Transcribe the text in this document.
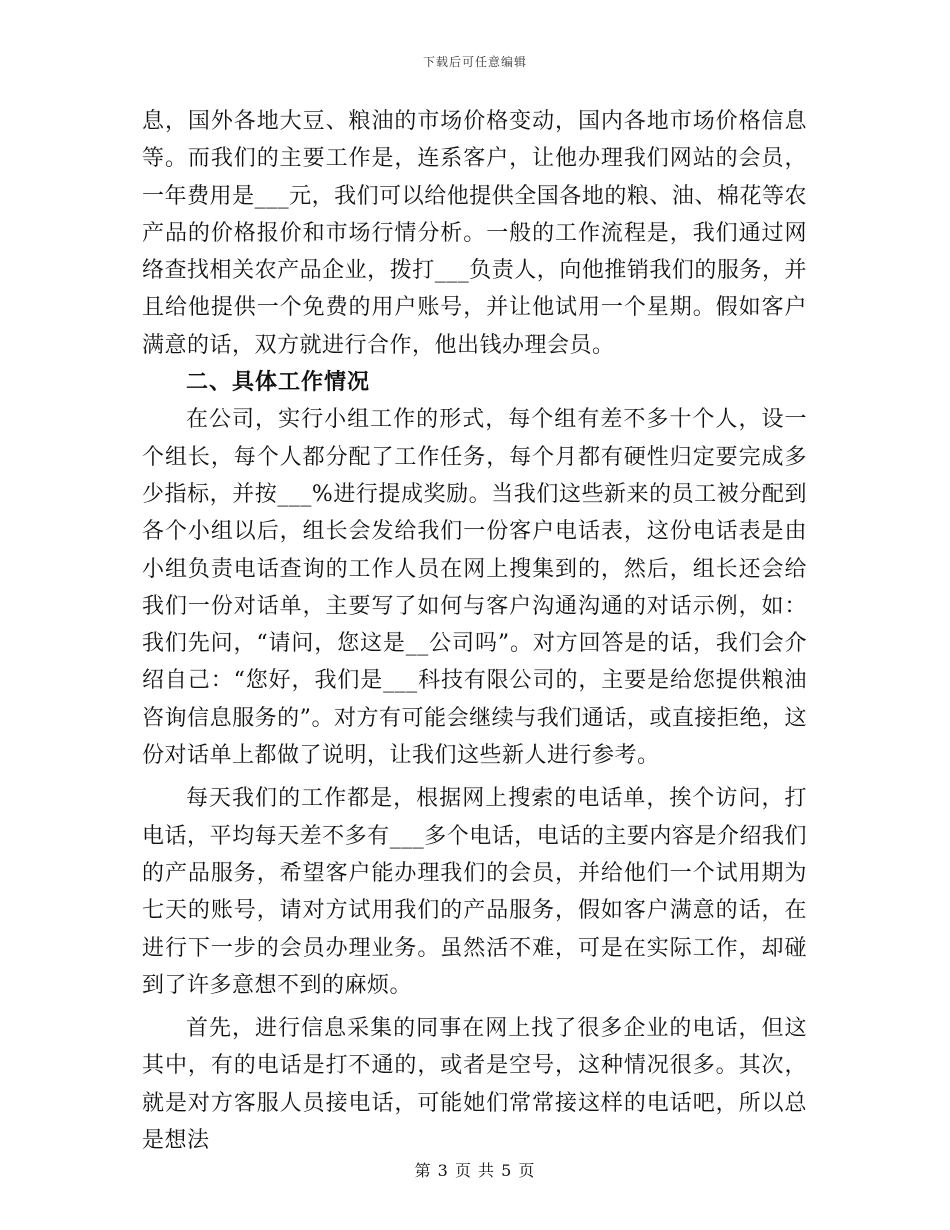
下载后可任意编辑

息，国外各地大豆、粮油的市场价格变动，国内各地市场价格信息等。而我们的主要工作是，连系客户，让他办理我们网站的会员，一年费用是___元，我们可以给他提供全国各地的粮、油、棉花等农产品的价格报价和市场行情分析。一般的工作流程是，我们通过网络查找相关农产品企业，拨打___负责人，向他推销我们的服务，并且给他提供一个免费的用户账号，并让他试用一个星期。假如客户满意的话，双方就进行合作，他出钱办理会员。

二、具体工作情况

在公司，实行小组工作的形式，每个组有差不多十个人，设一个组长，每个人都分配了工作任务，每个月都有硬性归定要完成多少指标，并按___%进行提成奖励。当我们这些新来的员工被分配到各个小组以后，组长会发给我们一份客户电话表，这份电话表是由小组负责电话查询的工作人员在网上搜集到的，然后，组长还会给我们一份对话单，主要写了如何与客户沟通沟通的对话示例，如：我们先问，“请问，您这是__公司吗”。对方回答是的话，我们会介绍自己：“您好，我们是___科技有限公司的，主要是给您提供粮油咨询信息服务的”。对方有可能会继续与我们通话，或直接拒绝，这份对话单上都做了说明，让我们这些新人进行参考。

每天我们的工作都是，根据网上搜索的电话单，挨个访问，打电话，平均每天差不多有___多个电话，电话的主要内容是介绍我们的产品服务，希望客户能办理我们的会员，并给他们一个试用期为七天的账号，请对方试用我们的产品服务，假如客户满意的话，在进行下一步的会员办理业务。虽然活不难，可是在实际工作，却碰到了许多意想不到的麻烦。

首先，进行信息采集的同事在网上找了很多企业的电话，但这其中，有的电话是打不通的，或者是空号，这种情况很多。其次，就是对方客服人员接电话，可能她们常常接这样的电话吧，所以总是想法

第 3 页 共 5 页
